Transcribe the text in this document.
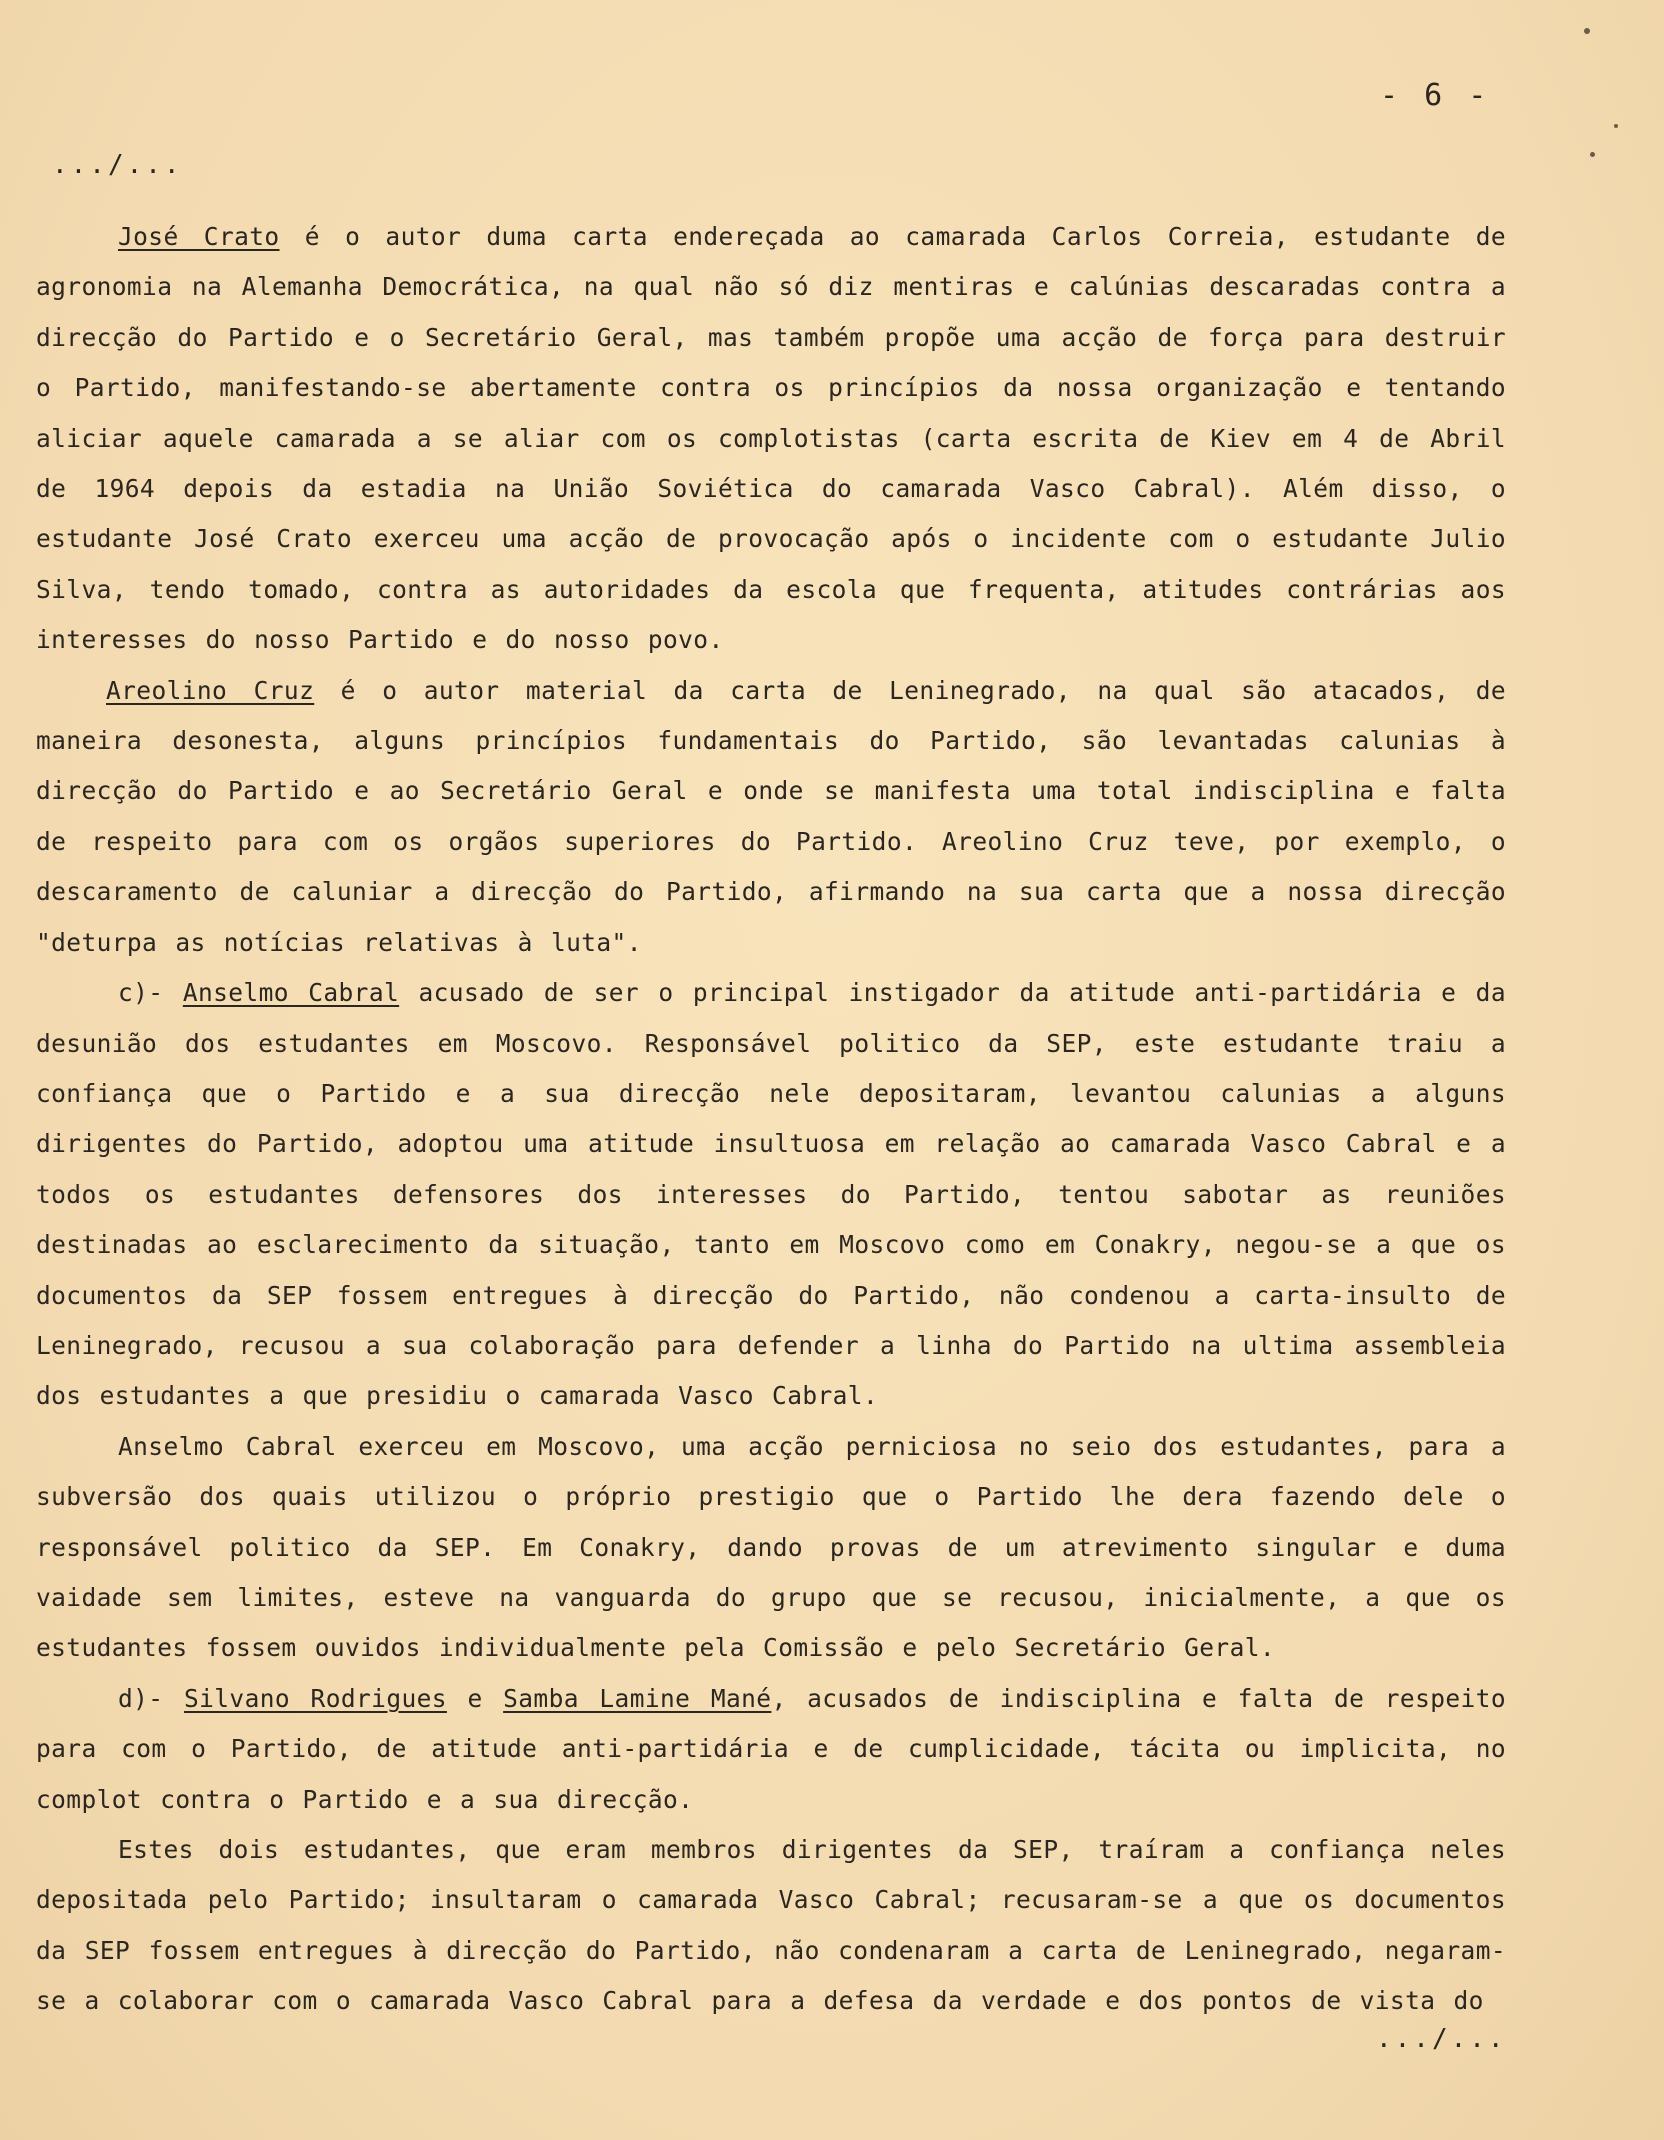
- 6 -
.../...

José Crato é o autor duma carta endereçada ao camarada Carlos Correia, estudante de agronomia na Alemanha Democrática, na qual não só diz mentiras e calúnias descaradas contra a direcção do Partido e o Secretário Geral, mas também propõe uma acção de força para destruir o Partido, manifestando-se abertamente contra os princípios da nossa organização e tentando aliciar aquele camarada a se aliar com os complotistas (carta escrita de Kiev em 4 de Abril de 1964 depois da estadia na União Soviética do camarada Vasco Cabral). Além disso, o estudante José Crato exerceu uma acção de provocação após o incidente com o estudante Julio Silva, tendo tomado, contra as autoridades da escola que frequenta, atitudes contrárias aos interesses do nosso Partido e do nosso povo.

Areolino Cruz é o autor material da carta de Leninegrado, na qual são atacados, de maneira desonesta, alguns princípios fundamentais do Partido, são levantadas calunias à direcção do Partido e ao Secretário Geral e onde se manifesta uma total indisciplina e falta de respeito para com os orgãos superiores do Partido. Areolino Cruz teve, por exemplo, o descaramento de caluniar a direcção do Partido, afirmando na sua carta que a nossa direcção "deturpa as notícias relativas à luta".

c)- Anselmo Cabral acusado de ser o principal instigador da atitude anti-partidária e da desunião dos estudantes em Moscovo. Responsável politico da SEP, este estudante traiu a confiança que o Partido e a sua direcção nele depositaram, levantou calunias a alguns dirigentes do Partido, adoptou uma atitude insultuosa em relação ao camarada Vasco Cabral e a todos os estudantes defensores dos interesses do Partido, tentou sabotar as reuniões destinadas ao esclarecimento da situação, tanto em Moscovo como em Conakry, negou-se a que os documentos da SEP fossem entregues à direcção do Partido, não condenou a carta-insulto de Leninegrado, recusou a sua colaboração para defender a linha do Partido na ultima assembleia dos estudantes a que presidiu o camarada Vasco Cabral.

Anselmo Cabral exerceu em Moscovo, uma acção perniciosa no seio dos estudantes, para a subversão dos quais utilizou o próprio prestigio que o Partido lhe dera fazendo dele o responsável politico da SEP. Em Conakry, dando provas de um atrevimento singular e duma vaidade sem limites, esteve na vanguarda do grupo que se recusou, inicialmente, a que os estudantes fossem ouvidos individualmente pela Comissão e pelo Secretário Geral.

d)- Silvano Rodrigues e Samba Lamine Mané, acusados de indisciplina e falta de respeito para com o Partido, de atitude anti-partidária e de cumplicidade, tácita ou implicita, no complot contra o Partido e a sua direcção.

Estes dois estudantes, que eram membros dirigentes da SEP, traíram a confiança neles depositada pelo Partido; insultaram o camarada Vasco Cabral; recusaram-se a que os documentos da SEP fossem entregues à direcção do Partido, não condenaram a carta de Leninegrado, negaram-se a colaborar com o camarada Vasco Cabral para a defesa da verdade e dos pontos de vista do

.../...
